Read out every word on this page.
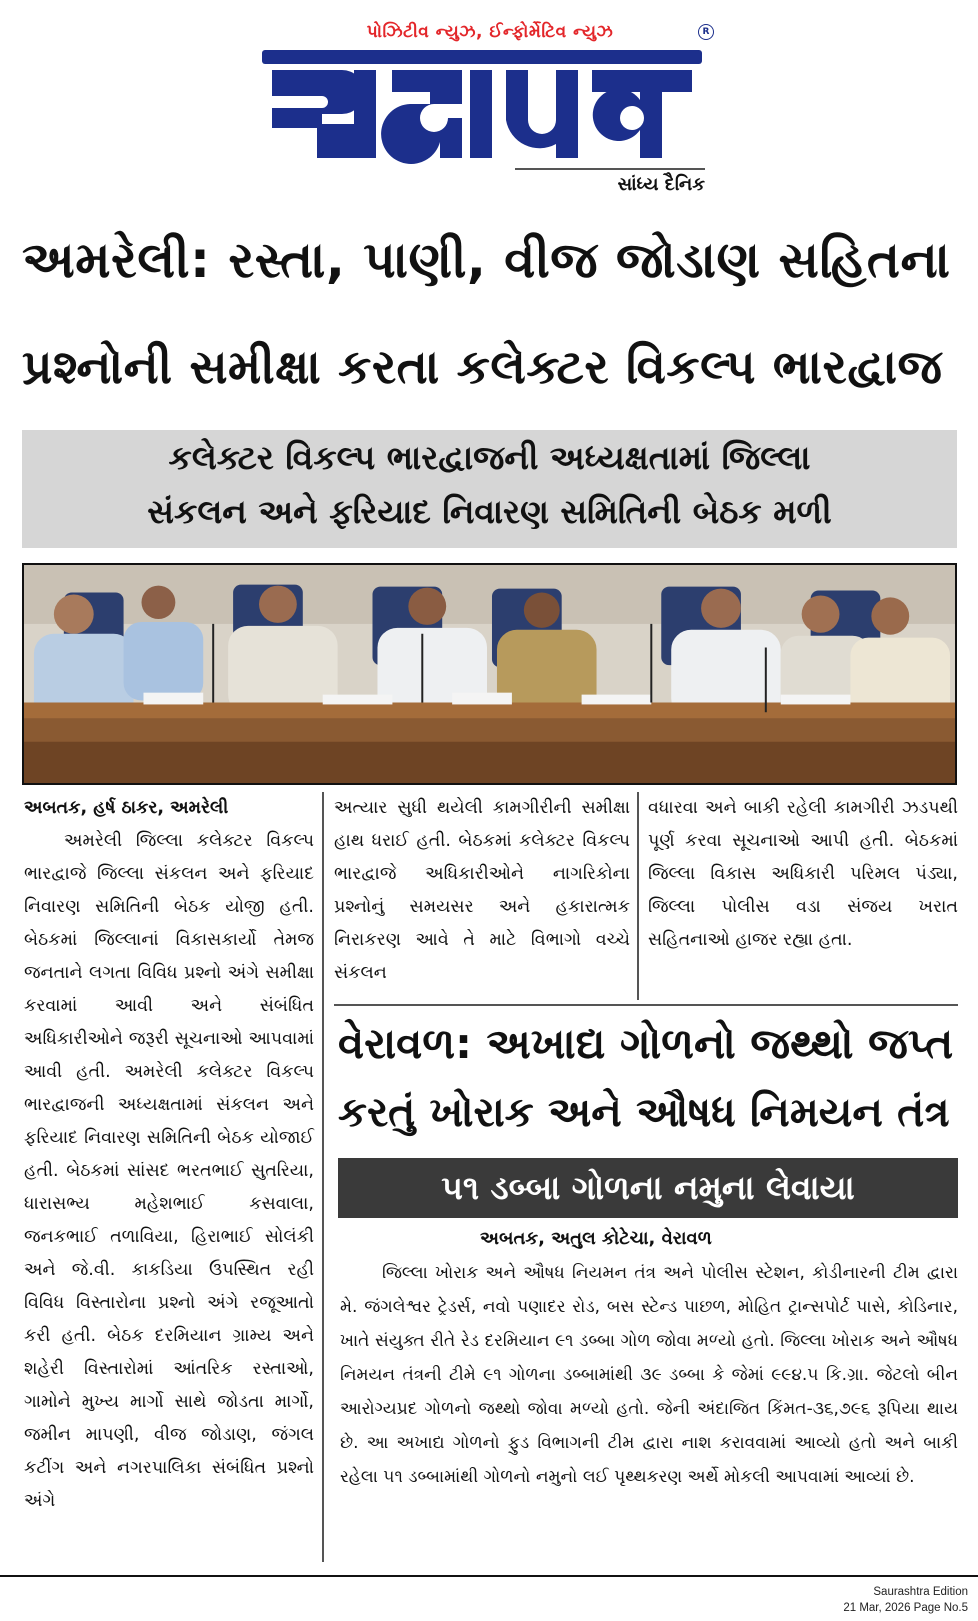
પોઝિટીવ ન્યુઝ, ઈન્ફોર્મેટિવ ન્યુઝ	R
સાંધ્ય દૈનિક
અમરેલી: રસ્તા, પાણી, વીજ જોડાણ સહિતના
પ્રશ્નોની સમીક્ષા કરતા કલેક્ટર વિકલ્પ ભારદ્વાજ
કલેક્ટર વિકલ્પ ભારદ્વાજની અધ્યક્ષતામાં જિલ્લા
સંકલન અને ફરિયાદ નિવારણ સમિતિની બેઠક મળી

અબતક, હર્ષ ઠાકર, અમરેલી

અમરેલી જિલ્લા કલેક્ટર વિકલ્પ ભારદ્વાજે જિલ્લા સંકલન અને ફરિયાદ નિવારણ સમિતિની બેઠક યોજી હતી. બેઠકમાં જિલ્લાનાં વિકાસકાર્યો તેમજ જનતાને લગતા વિવિધ પ્રશ્નો અંગે સમીક્ષા કરવામાં આવી અને સંબંધિત અધિકારીઓને જરૂરી સૂચનાઓ આપવામાં આવી હતી. અમરેલી કલેક્ટર વિકલ્પ ભારદ્વાજની અધ્યક્ષતામાં સંકલન અને ફરિયાદ નિવારણ સમિતિની બેઠક યોજાઈ હતી. બેઠકમાં સાંસદ ભરતભાઈ સુતરિયા, ધારાસભ્ય મહેશભાઈ કસવાલા, જનકભાઈ તળાવિયા, હિરાભાઈ સોલંકી અને જે.વી. કાકડિયા ઉપસ્થિત રહી વિવિધ વિસ્તારોના પ્રશ્નો અંગે રજૂઆતો કરી હતી. બેઠક દરમિયાન ગ્રામ્ય અને શહેરી વિસ્તારોમાં આંતરિક રસ્તાઓ, ગામોને મુખ્ય માર્ગો સાથે જોડતા માર્ગો, જમીન માપણી, વીજ જોડાણ, જંગલ કટીંગ અને નગરપાલિકા સંબંધિત પ્રશ્નો અંગે

અત્યાર સુધી થયેલી કામગીરીની સમીક્ષા હાથ ધરાઈ હતી. બેઠકમાં કલેક્ટર વિકલ્પ ભારદ્વાજે અધિકારીઓને નાગરિકોના પ્રશ્નોનું સમયસર અને હકારાત્મક નિરાકરણ આવે તે માટે વિભાગો વચ્ચે સંકલન

વધારવા અને બાકી રહેલી કામગીરી ઝડપથી પૂર્ણ કરવા સૂચનાઓ આપી હતી. બેઠકમાં જિલ્લા વિકાસ અધિકારી પરિમલ પંડ્યા, જિલ્લા પોલીસ વડા સંજય ખરાત સહિતનાઓ હાજર રહ્યા હતા.

વેરાવળ: અખાદ્ય ગોળનો જથ્થો જપ્ત
કરતું ખોરાક અને ઔષધ નિમયન તંત્ર
૫૧ ડબ્બા ગોળના નમુના લેવાયા
અબતક, અતુલ કોટેચા, વેરાવળ

જિલ્લા ખોરાક અને ઔષધ નિયમન તંત્ર અને પોલીસ સ્ટેશન, કોડીનારની ટીમ દ્વારા મે. જંગલેશ્વર ટ્રેડર્સ, નવો પણાદર રોડ, બસ સ્ટેન્ડ પાછળ, મોહિત ટ્રાન્સપોર્ટ પાસે, કોડિનાર, ખાતે સંયુક્ત રીતે રેડ દરમિયાન ૯૧ ડબ્બા ગોળ જોવા મળ્યો હતો. જિલ્લા ખોરાક અને ઔષધ નિમયન તંત્રની ટીમે ૯૧ ગોળના ડબ્બામાંથી ૩૯ ડબ્બા કે જેમાં ૯૯૪.૫ કિ.ગ્રા. જેટલો બીન આરોગ્યપ્રદ ગોળનો જથ્થો જોવા મળ્યો હતો. જેની અંદાજિત કિંમત-૩૬,૭૯૬ રૂપિયા થાય છે. આ અખાદ્ય ગોળનો ફુડ વિભાગની ટીમ દ્વારા નાશ કરાવવામાં આવ્યો હતો અને બાકી રહેલા ૫૧ ડબ્બામાંથી ગોળનો નમુનો લઈ પૃથ્થકરણ અર્થે મોકલી આપવામાં આવ્યાં છે.

Saurashtra Edition
21 Mar, 2026 Page No.5
